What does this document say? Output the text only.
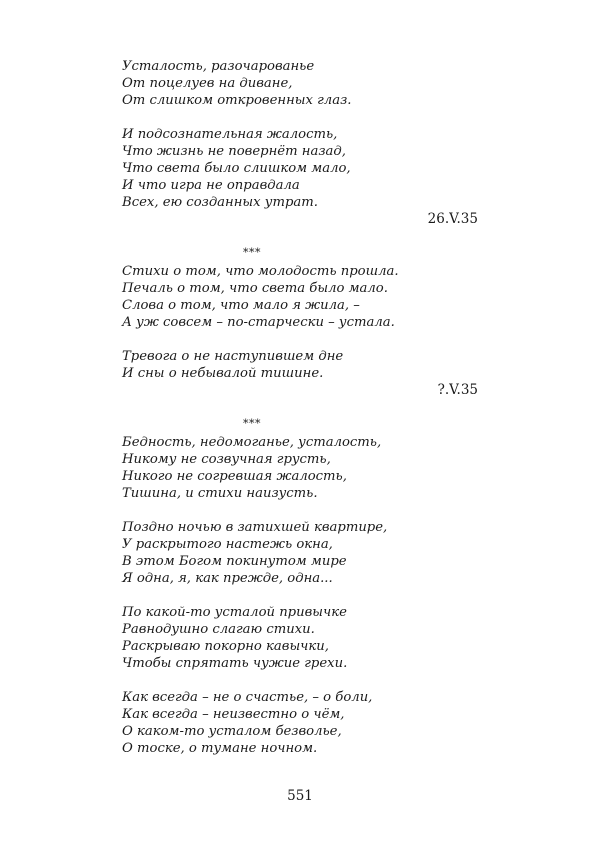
Усталость, разочарованье
От поцелуев на диване,
От слишком откровенных глаз.
И подсознательная жалость,
Что жизнь не повернёт назад,
Что света было слишком мало,
И что игра не оправдала
Всех, ею созданных утрат.
26.V.35
***
Стихи о том, что молодость прошла.
Печаль о том, что света было мало.
Слова о том, что мало я жила, –
А уж совсем – по-старчески – устала.
Тревога о не наступившем дне
И сны о небывалой тишине.
?.V.35
***
Бедность, недомоганье, усталость,
Никому не созвучная грусть,
Никого не согревшая жалость,
Тишина, и стихи наизусть.
Поздно ночью в затихшей квартире,
У раскрытого настежь окна,
В этом Богом покинутом мире
Я одна, я, как прежде, одна...
По какой-то усталой привычке
Равнодушно слагаю стихи.
Раскрываю покорно кавычки,
Чтобы спрятать чужие грехи.
Как всегда – не о счастье, – о боли,
Как всегда – неизвестно о чём,
О каком-то усталом безволье,
О тоске, о тумане ночном.
551
